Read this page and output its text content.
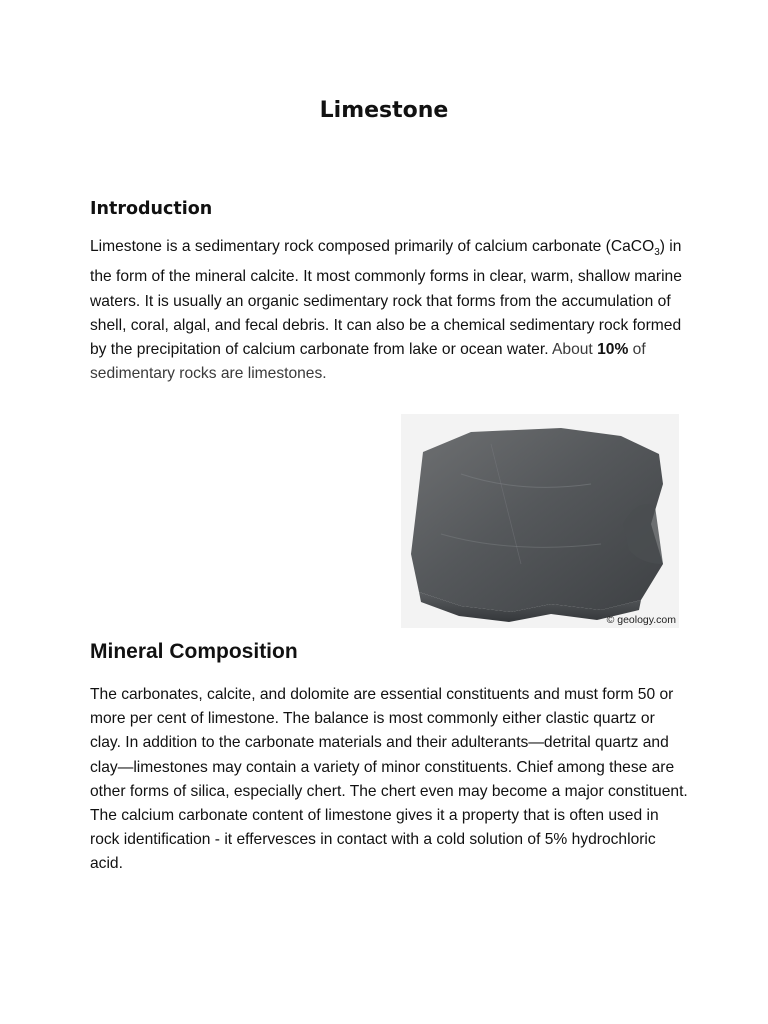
Limestone
Introduction
Limestone is a sedimentary rock composed primarily of calcium carbonate (CaCO$_3$) in the form of the mineral calcite. It most commonly forms in clear, warm, shallow marine waters. It is usually an organic sedimentary rock that forms from the accumulation of shell, coral, algal, and fecal debris. It can also be a chemical sedimentary rock formed by the precipitation of calcium carbonate from lake or ocean water. About 10% of sedimentary rocks are limestones.
© geology.com
Mineral Composition
The carbonates, calcite, and dolomite are essential constituents and must form 50 or more per cent of limestone. The balance is most commonly either clastic quartz or clay. In addition to the carbonate materials and their adulterants—detrital quartz and clay—limestones may contain a variety of minor constituents. Chief among these are other forms of silica, especially chert. The chert even may become a major constituent. The calcium carbonate content of limestone gives it a property that is often used in rock identification - it effervesces in contact with a cold solution of 5% hydrochloric acid.
